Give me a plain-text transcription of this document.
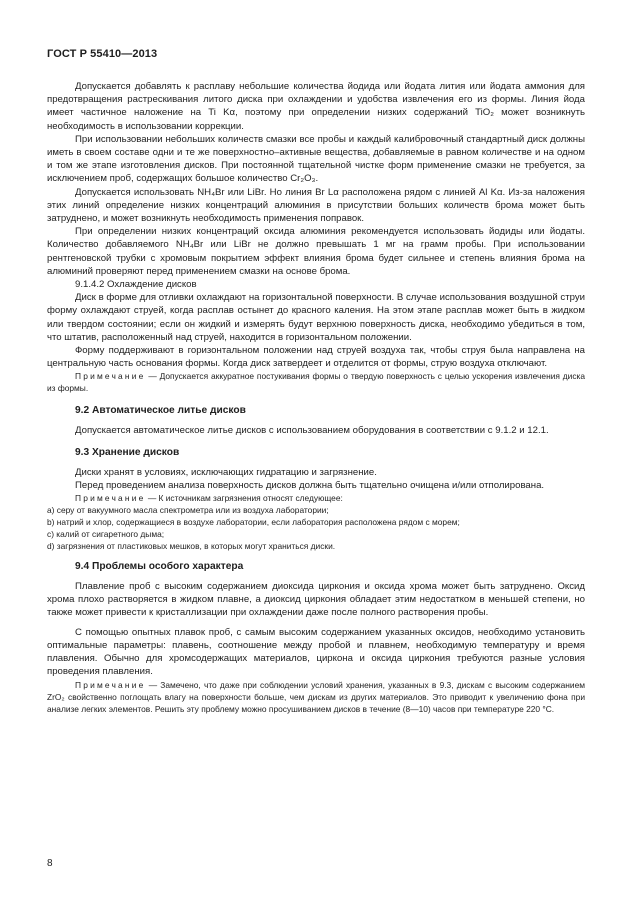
ГОСТ Р 55410—2013

Допускается добавлять к расплаву небольшие количества йодида или йодата лития или йодата аммония для предотвращения растрескивания литого диска при охлаждении и удобства извлечения его из формы. Линия йода имеет частичное наложение на Ti Kα, поэтому при определении низких содержаний TiO₂ может возникнуть необходимость в использовании коррекции.

При использовании небольших количеств смазки все пробы и каждый калибровочный стандартный диск должны иметь в своем составе одни и те же поверхностно–активные вещества, добавляемые в равном количестве и на одном и том же этапе изготовления дисков. При постоянной тщательной чистке форм применение смазки не требуется, за исключением проб, содержащих большое количество Cr₂O₃.

Допускается использовать NH₄Br или LiBr. Но линия Br Lα расположена рядом с линией Al Kα. Из-за наложения этих линий определение низких концентраций алюминия в присутствии больших количеств брома может быть затруднено, и может возникнуть необходимость применения поправок.

При определении низких концентраций оксида алюминия рекомендуется использовать йодиды или йодаты. Количество добавляемого NH₄Br или LiBr не должно превышать 1 мг на грамм пробы. При использовании рентгеновской трубки с хромовым покрытием эффект влияния брома будет сильнее и степень влияния брома на алюминий проверяют перед применением смазки на основе брома.

9.1.4.2 Охлаждение дисков

Диск в форме для отливки охлаждают на горизонтальной поверхности. В случае использования воздушной струи форму охлаждают струей, когда расплав остынет до красного каления. На этом этапе расплав может быть в жидком или твердом состоянии; если он жидкий и измерять будут верхнюю поверхность диска, необходимо убедиться в том, что штатив, расположенный над струей, находится в горизонтальном положении.

Форму поддерживают в горизонтальном положении над струей воздуха так, чтобы струя была направлена на центральную часть основания формы. Когда диск затвердеет и отделится от формы, струю воздуха отключают.

Примечание — Допускается аккуратное постукивания формы о твердую поверхность с целью ускорения извлечения диска из формы.

9.2 Автоматическое литье дисков

Допускается автоматическое литье дисков с использованием оборудования в соответствии с 9.1.2 и 12.1.

9.3 Хранение дисков

Диски хранят в условиях, исключающих гидратацию и загрязнение.

Перед проведением анализа поверхность дисков должна быть тщательно очищена и/или отполирована.

Примечание — К источникам загрязнения относят следующее:

а) серу от вакуумного масла спектрометра или из воздуха лаборатории;

b) натрий и хлор, содержащиеся в воздухе лаборатории, если лаборатория расположена рядом с морем;

с) калий от сигаретного дыма;

d) загрязнения от пластиковых мешков, в которых могут храниться диски.

9.4 Проблемы особого характера

Плавление проб с высоким содержанием диоксида циркония и оксида хрома может быть затруднено. Оксид хрома плохо растворяется в жидком плавне, а диоксид циркония обладает этим недостатком в меньшей степени, но также может привести к кристаллизации при охлаждении даже после полного растворения пробы.

С помощью опытных плавок проб, с самым высоким содержанием указанных оксидов, необходимо установить оптимальные параметры: плавень, соотношение между пробой и плавнем, необходимую температуру и время плавления. Обычно для хромсодержащих материалов, циркона и оксида циркония требуются разные условия проведения плавления.

Примечание — Замечено, что даже при соблюдении условий хранения, указанных в 9.3, дискам с высоким содержанием ZrO₂ свойственно поглощать влагу на поверхности больше, чем дискам из других материалов. Это приводит к увеличению фона при анализе легких элементов. Решить эту проблему можно просушиванием дисков в течение (8—10) часов при температуре 220 °C.

8
